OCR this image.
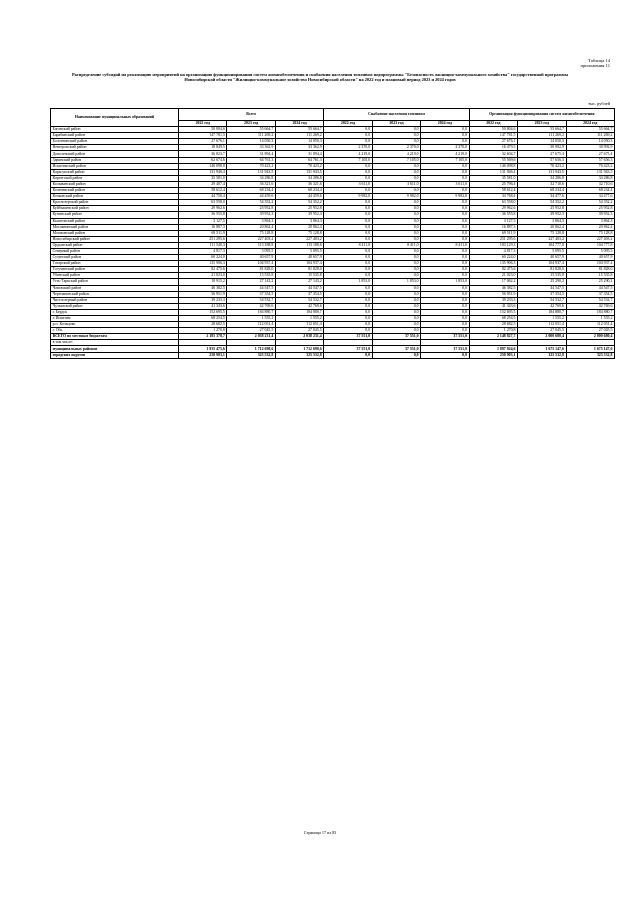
Таблица 14
приложения 11
Распределение субсидий на реализацию мероприятий на организацию функционирования систем жизнеобеспечения и снабжения населения топливом подпрограммы "Безопасность жилищно-коммунального хозяйства" государственной программы Новосибирской области "Жилищно-коммунальное хозяйство Новосибирской области" на 2022 год и плановый период 2023 и 2024 годов
тыс. рублей
Наименование муниципальных образований	Всего			Снабжение населения топливом			Организация функционирования систем жизнеобеспечения		
	2022 год	2023 год	2024 год	2022 год	2023 год	2024 год	2022 год	2023 год	2024 год
Баганский район	50 804,6	55 664,7	55 664,7	0,0	0,0	0,0	50 804,6	55 664,7	55 664,7
Барабинский район	147 781,5	111 269,2	111 269,2	0,0	0,0	0,0	147 781,5	111 269,2	111 269,2
Болотнинский район	27 676,1	14 050,3	14 050,3	0,0	0,0	0,0	27 676,1	14 050,3	14 050,3
Венгеровский район	18 849,5	33 362,9	33 362,9	2 370,0	2 370,0	2 370,0	16 479,5	30 992,9	30 992,9
Доволенский район	36 823,7	31 894,4	31 894,4	4 219,0	4 219,0	4 219,0	32 604,7	27 675,4	27 675,4
Здвинский район	62 674,6	64 761,3	64 761,3	7 105,0	7 105,0	7 105,0	55 569,6	57 656,3	57 656,3
Искитимский район	146 098,8	70 423,2	70 423,2	0,0	0,0	0,0	146 098,8	70 423,2	70 423,2
Карасукский район	131 946,4	131 943,5	131 943,5	0,0	0,0	0,0	131 946,4	131 943,5	131 943,5
Каргатский район	35 581,0	34 286,8	34 286,8	0,0	0,0	0,0	35 581,0	34 286,8	34 286,8
Колыванский район	29 407,4	36 321,6	36 321,6	3 611,0	3 611,0	3 611,0	25 796,4	32 710,6	32 710,6
Коченевский район	58 612,4	68 234,4	68 234,4	0,0	0,0	0,0	58 612,4	68 234,4	68 234,4
Кочковский район	44 750,4	44 459,6	44 459,6	9 982,0	9 982,0	9 982,0	34 768,4	34 477,6	34 477,6
Краснозерский район	63 558,0	54 352,2	54 352,2	0,0	0,0	0,0	63 558,0	54 352,2	54 352,2
Куйбышевский район	29 962,6	25 952,8	25 952,8	0,0	0,0	0,0	29 962,6	25 952,8	25 952,8
Купинский район	36 555,8	39 952,3	39 952,3	0,0	0,0	0,0	36 555,8	39 952,3	39 952,3
Кыштовский район	3 127,5	3 864,3	3 864,3	0,0	0,0	0,0	3 127,5	3 864,3	3 864,3
Маслянинский район	16 887,3	20 862,4	20 862,4	0,0	0,0	0,0	16 887,3	20 862,4	20 862,4
Мошковский район	69 511,9	75 128,8	75 128,8	0,0	0,0	0,0	69 511,9	75 128,8	75 128,8
Новосибирский район	251 295,6	227 403,2	227 403,2	0,0	0,0	0,0	251 295,6	227 403,2	227 403,2
Ордынский район	111 540,3	113 188,8	113 188,8	8 411,0	8 411,0	8 411,0	103 129,3	104 777,8	104 777,8
Северный район	4 817,3	5 095,5	5 095,5	0,0	0,0	0,0	4 817,3	5 095,5	5 095,5
Сузунский район	60 224,0	40 657,9	40 657,9	0,0	0,0	0,0	60 224,0	40 657,9	40 657,9
Татарский район	135 906,3	104 937,4	104 937,4	0,0	0,0	0,0	135 906,3	104 937,4	104 937,4
Тогучинский район	82 475,6	81 828,0	81 828,0	0,0	0,0	0,0	82 475,6	81 828,0	81 828,0
Убинский район	21 023,0	15 535,8	15 535,8	0,0	0,0	0,0	21 023,0	15 535,8	15 535,8
Усть-Таркский район	18 915,2	27 143,2	27 143,2	1 853,0	1 853,0	1 853,0	17 062,2	25 290,2	25 290,2
Чановский район	46 382,5	44 547,5	44 547,5	0,0	0,0	0,0	46 382,5	44 547,5	44 547,5
Черепановский район	56 951,9	37 354,5	37 354,5	0,0	0,0	0,0	56 951,9	37 354,5	37 354,5
Чистоозерный район	39 233,3	54 532,7	54 532,7	0,0	0,0	0,0	39 233,3	54 532,7	54 532,7
Чулымский район	41 343,6	42 769,6	42 769,6	0,0	0,0	0,0	41 343,6	42 769,6	42 769,6
г. Бердск	152 695,5	184 880,7	184 880,7	0,0	0,0	0,0	152 695,5	184 880,7	184 880,7
г. Искитим	68 254,5	1 555,2	1 555,2	0,0	0,0	0,0	68 254,5	1 555,2	1 555,2
р.п. Кольцово	28 682,5	112 051,4	112 051,4	0,0	0,0	0,0	28 682,5	112 051,4	112 051,4
г. Обь	1 270,8	27 045,5	27 045,5	0,0	0,0	0,0	1 270,8	27 045,5	27 045,5
ВСЕГО по местным бюджетам	2 185 378,7	2 038 231,4	2 038 231,4	37 551,0	37 551,0	37 551,0	2 148 827,7	2 000 680,4	2 000 680,4
в том числе:									
муниципальных районов	1 935 475,6	1 712 698,6	1 712 698,6	37 551,0	37 551,0	37 551,0	1 897 924,6	1 675 147,6	1 675 147,6
городских округов	250 903,1	325 532,8	325 532,8	0,0	0,0	0,0	250 903,1	325 532,8	325 532,8
Страница 17 из 83
